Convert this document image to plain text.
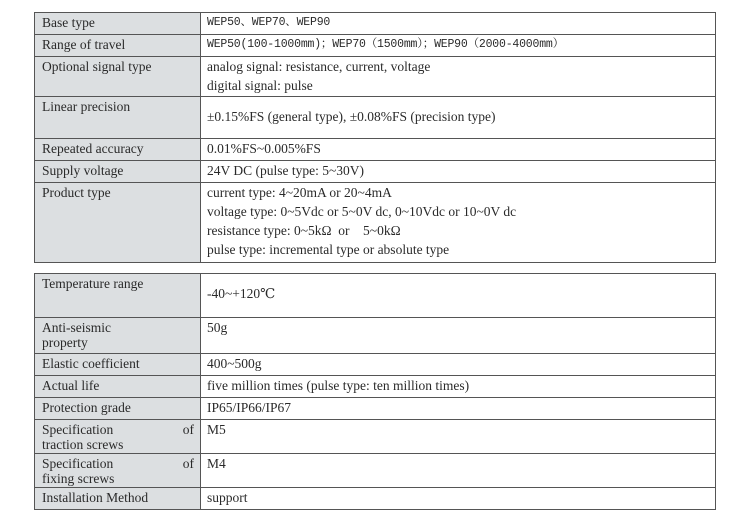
Base type	WEP50、WEP70、WEP90
Range of travel	WEP50(100-1000mm)；WEP70（1500mm）；WEP90（2000-4000mm）
Optional signal type	analog signal: resistance, current, voltage
digital signal: pulse

Linear precision	±0.15%FS (general type), ±0.08%FS (precision type)

Repeated accuracy	0.01%FS~0.005%FS
Supply voltage	24V DC (pulse type: 5~30V)
Product type	current type: 4~20mA or 20~4mA
voltage type: 0~5Vdc or 5~0V dc, 0~10Vdc or 10~0V dc
resistance type: 0~5kΩ  or    5~0kΩ
pulse type: incremental type or absolute type
Temperature range	-40~+120℃

Anti-seismic
property	50g
Elastic coefficient	400~500g
Actual life	five million times (pulse type: ten million times)
Protection grade	IP65/IP66/IP67

Specification of
traction screws	M5

Specification of
fixing screws	M4
Installation Method	support
